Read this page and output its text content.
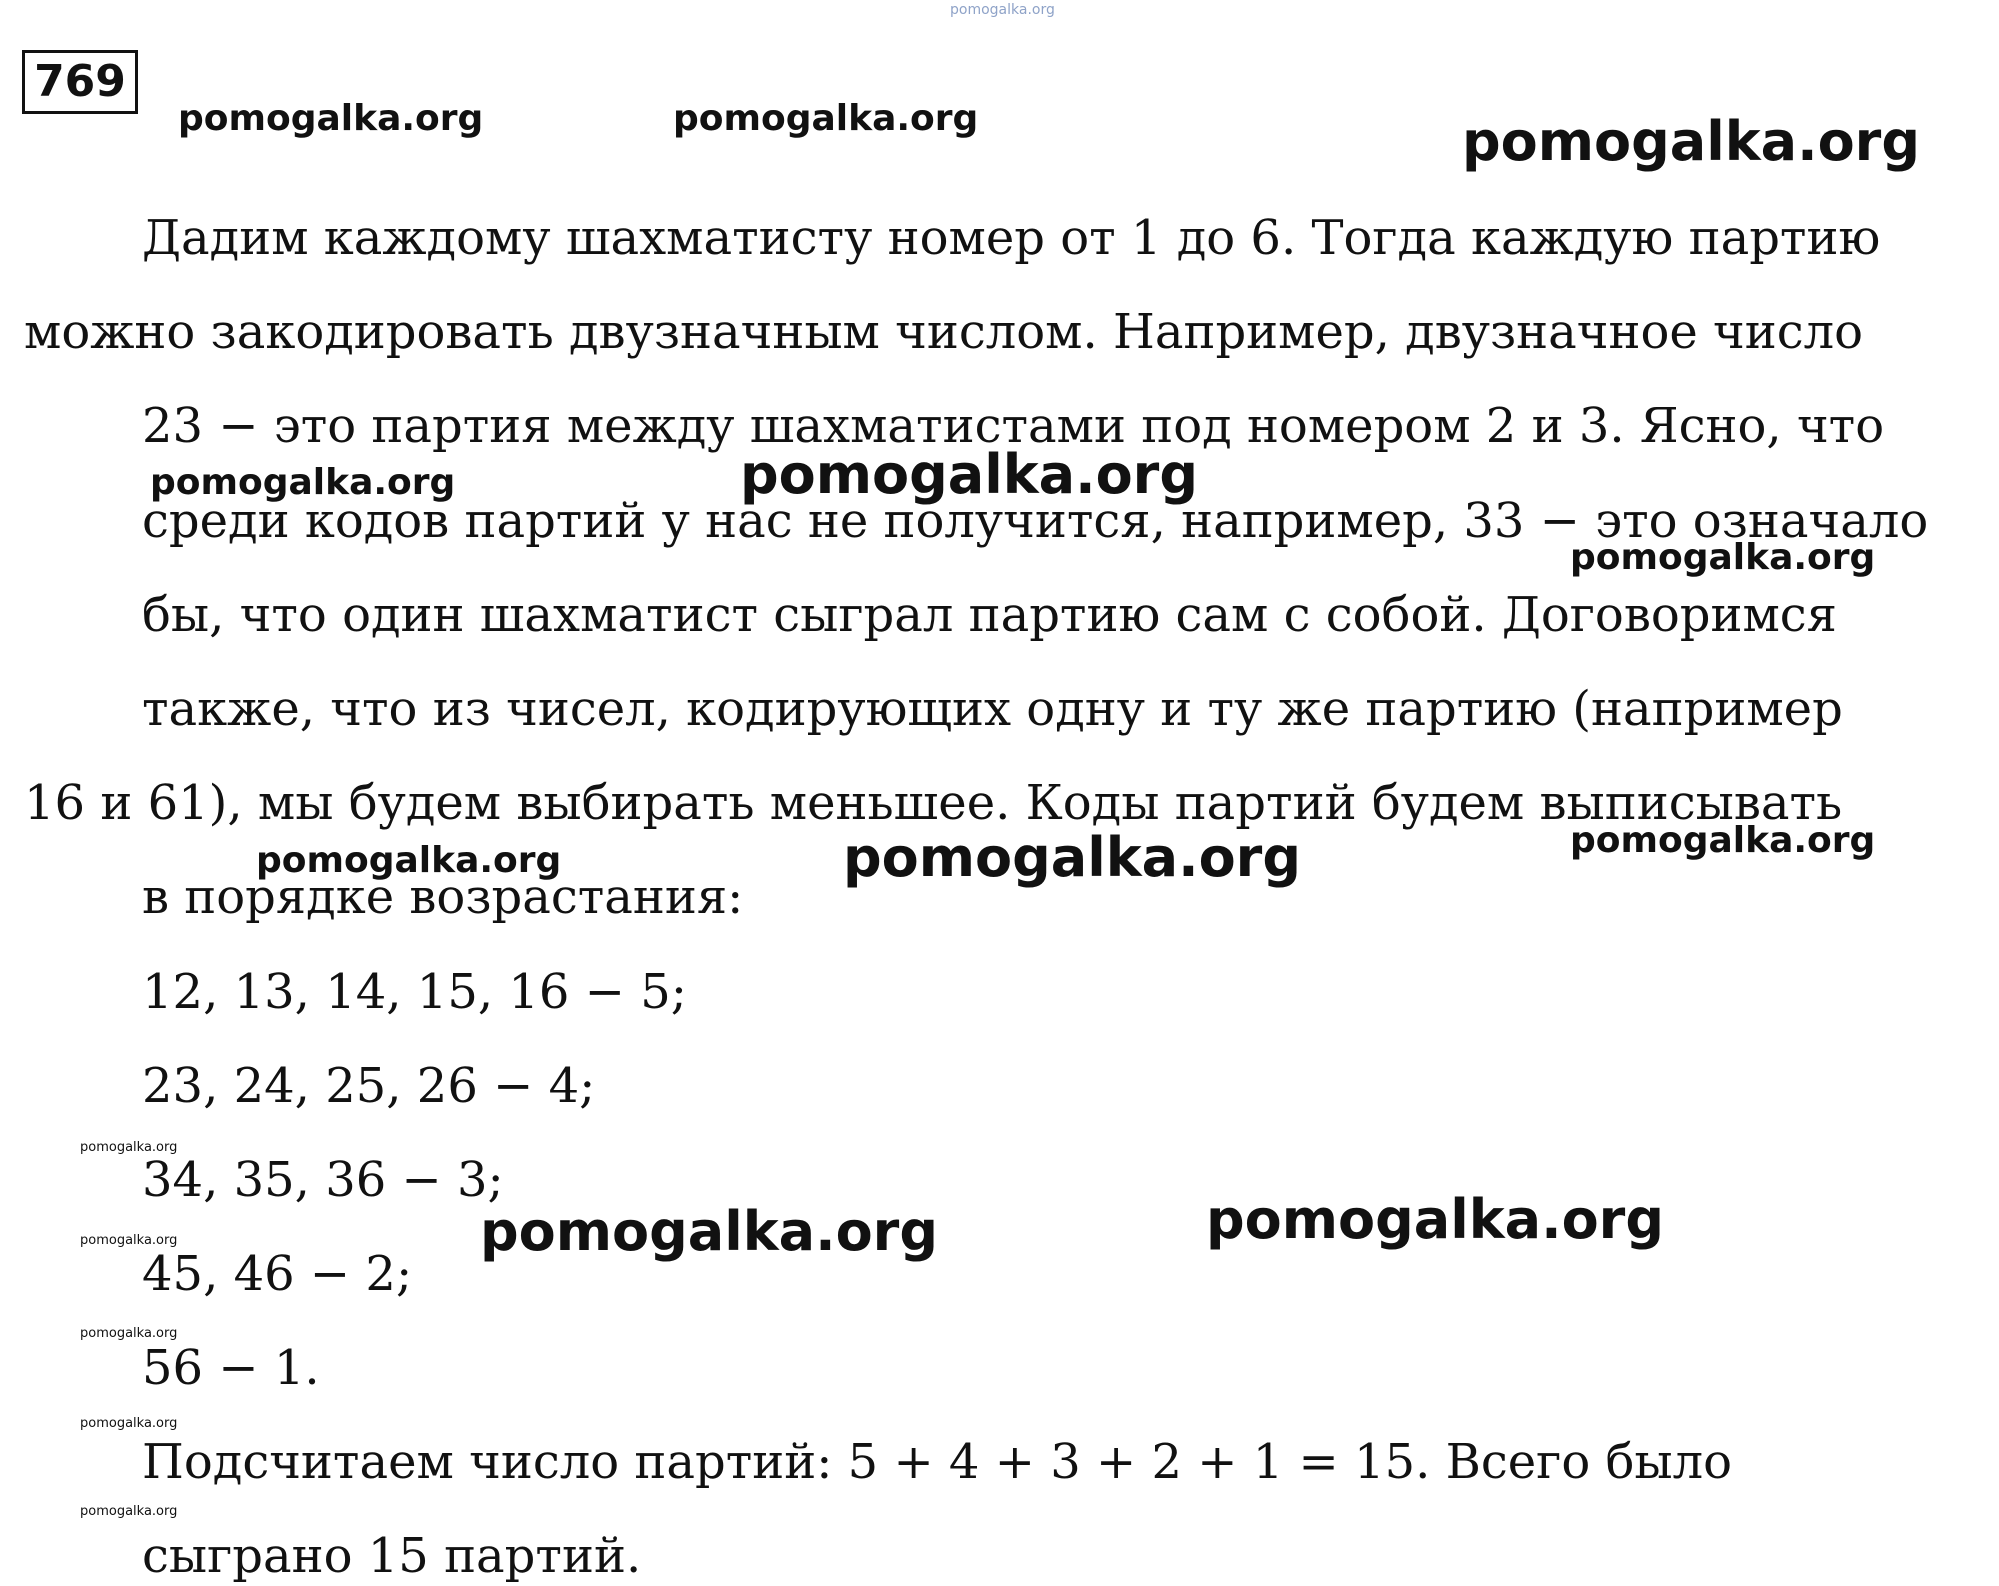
769
pomogalka.org
pomogalka.org	pomogalka.org	pomogalka.org
pomogalka.org	pomogalka.org
pomogalka.org
pomogalka.org	pomogalka.org	pomogalka.org
pomogalka.org	pomogalka.org
pomogalka.org
pomogalka.org
pomogalka.org
pomogalka.org
pomogalka.org
Дадим каждому шахматисту номер от 1 до 6. Тогда каждую партию
можно закодировать двузначным числом. Например, двузначное число
23 − это партия между шахматистами под номером 2 и 3. Ясно, что
среди кодов партий у нас не получится, например, 33 − это означало
бы, что один шахматист сыграл партию сам с собой. Договоримся
также, что из чисел, кодирующих одну и ту же партию (например
16 и 61), мы будем выбирать меньшее. Коды партий будем выписывать
в порядке возрастания:
12, 13, 14, 15, 16 − 5;
23, 24, 25, 26 − 4;
34, 35, 36 − 3;
45, 46 − 2;
56 − 1.
Подсчитаем число партий: 5 + 4 + 3 + 2 + 1 = 15. Всего было
сыграно 15 партий.
